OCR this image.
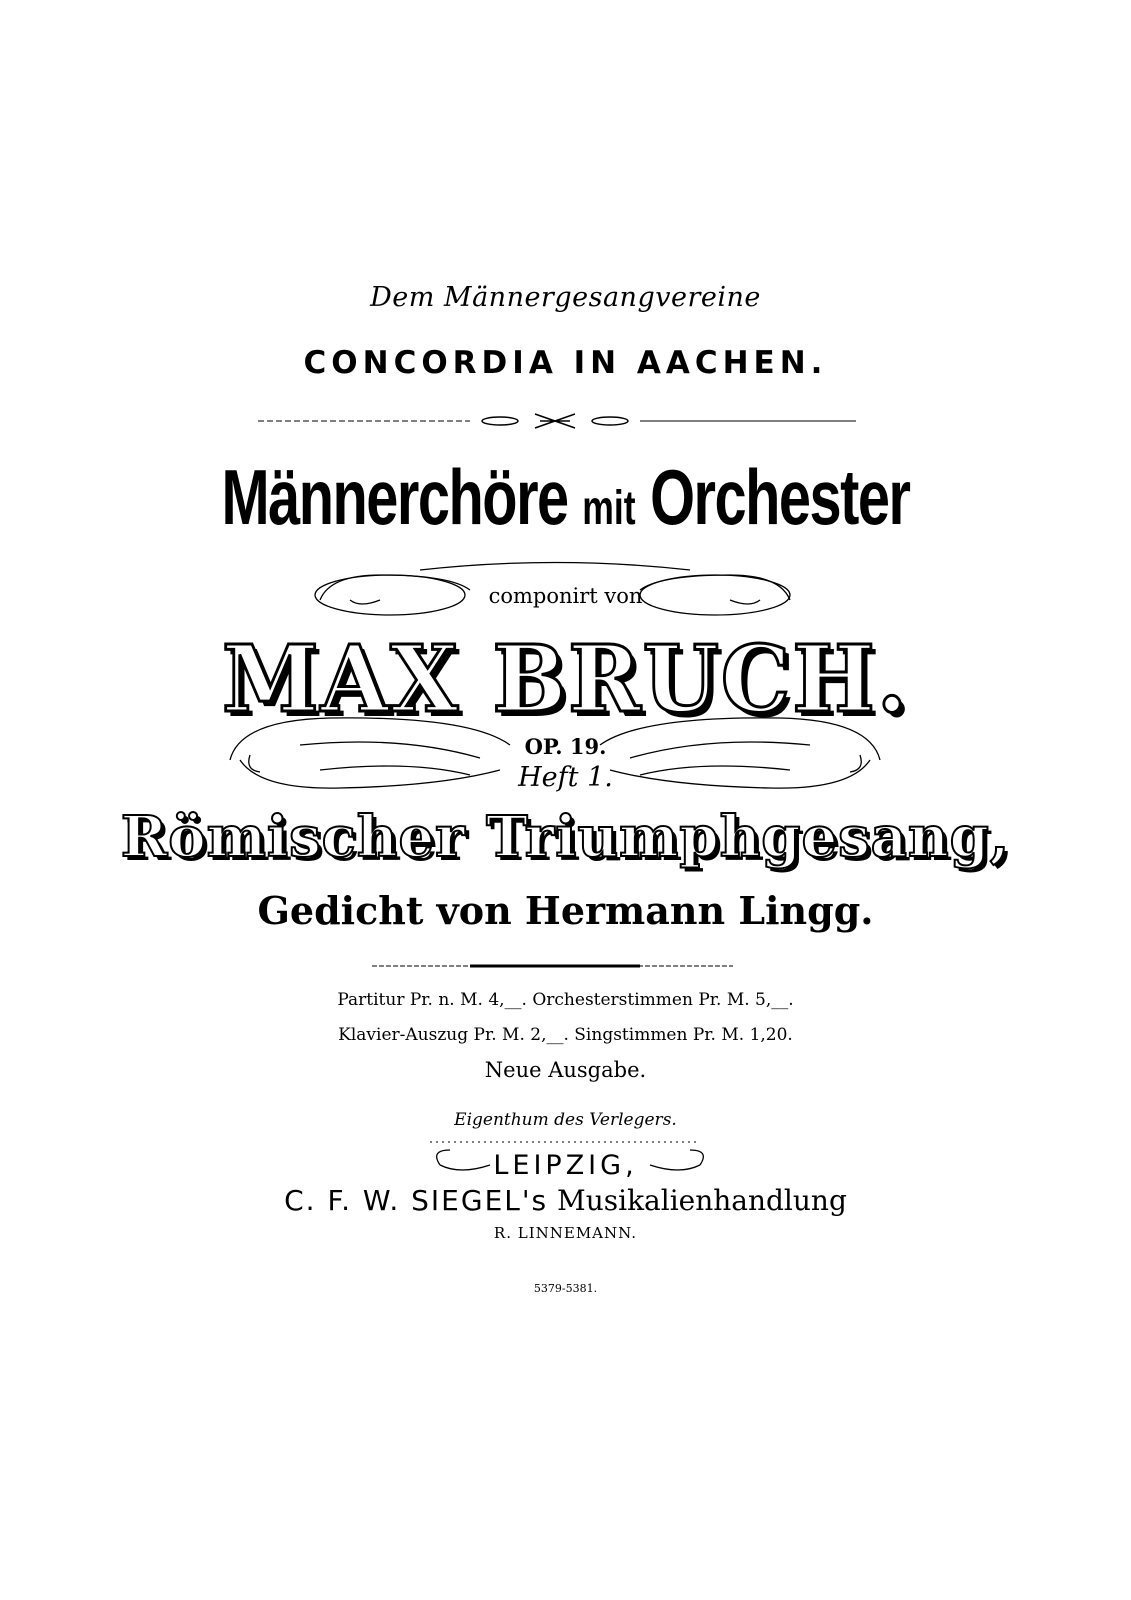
Dem Männergesangvereine
CONCORDIA IN AACHEN.
Männerchöre mit Orchester
componirt von
MAX BRUCH.
OP. 19.
Heft 1.
Römischer Triumphgesang,
Gedicht von Hermann Lingg.
Partitur Pr. n. M. 4,__. Orchesterstimmen Pr. M. 5,__.
Klavier-Auszug Pr. M. 2,__. Singstimmen Pr. M. 1,20.
Neue Ausgabe.
Eigenthum des Verlegers.
LEIPZIG,
C. F. W. SIEGEL's Musikalienhandlung
R. LINNEMANN.
5379-5381.
